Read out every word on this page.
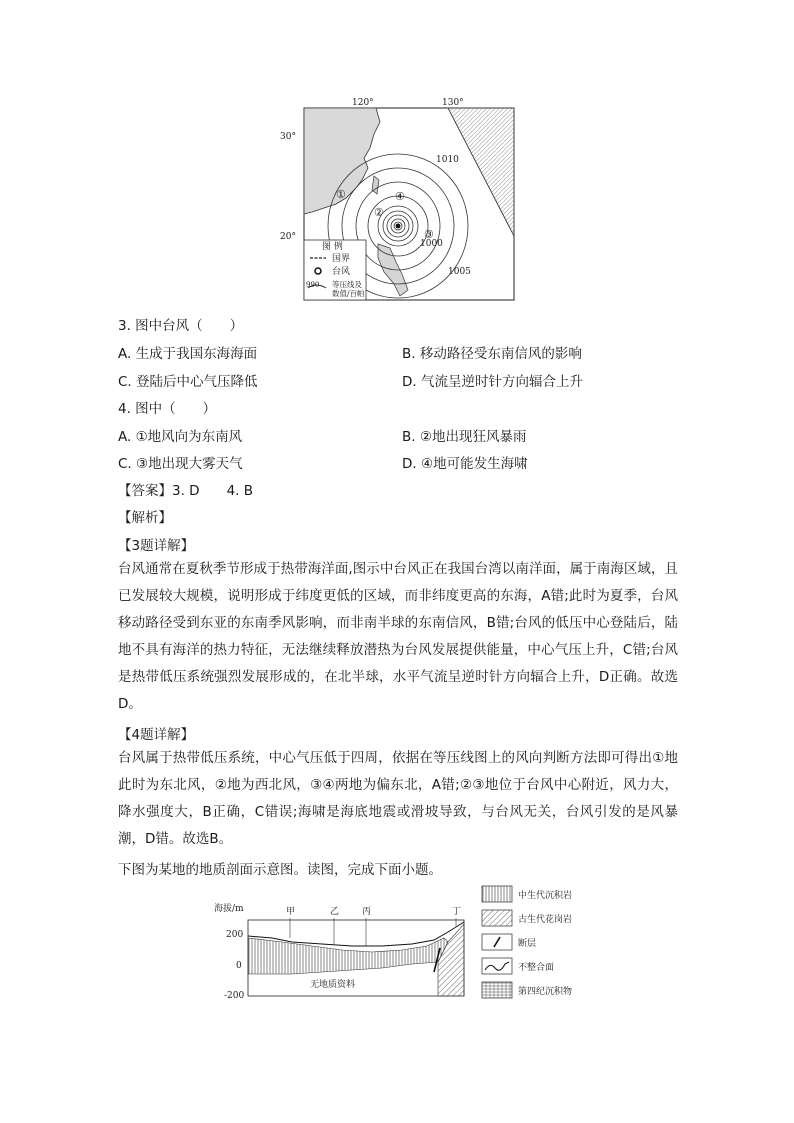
120°	130°
30°
20°
1010
1000
1005
①
②
③
④
图 例
国界
台风
990 等压线及
数值/百帕
3. 图中台风（　　）
A. 生成于我国东海海面	B. 移动路径受东南信风的影响
C. 登陆后中心气压降低	D. 气流呈逆时针方向辐合上升
4. 图中（　　）
A. ①地风向为东南风	B. ②地出现狂风暴雨
C. ③地出现大雾天气	D. ④地可能发生海啸
【答案】3. D　　4. B
【解析】
【3题详解】
台风通常在夏秋季节形成于热带海洋面,图示中台风正在我国台湾以南洋面，属于南海区域，且已发展较大规模，说明形成于纬度更低的区域，而非纬度更高的东海，A错;此时为夏季，台风移动路径受到东亚的东南季风影响，而非南半球的东南信风，B错;台风的低压中心登陆后，陆地不具有海洋的热力特征，无法继续释放潜热为台风发展提供能量，中心气压上升，C错;台风是热带低压系统强烈发展形成的，在北半球，水平气流呈逆时针方向辐合上升，D正确。故选D。
【4题详解】
台风属于热带低压系统，中心气压低于四周，依据在等压线图上的风向判断方法即可得出①地此时为东北风，②地为西北风，③④两地为偏东北，A错;②③地位于台风中心附近，风力大，降水强度大，B正确，C错误;海啸是海底地震或滑坡导致，与台风无关，台风引发的是风暴潮，D错。故选B。
下图为某地的地质剖面示意图。读图，完成下面小题。
海拔/m
200
0
-200
甲	乙	丙	丁
无地质资料
中生代沉积岩
古生代花岗岩
断层
不整合面
第四纪沉积物
